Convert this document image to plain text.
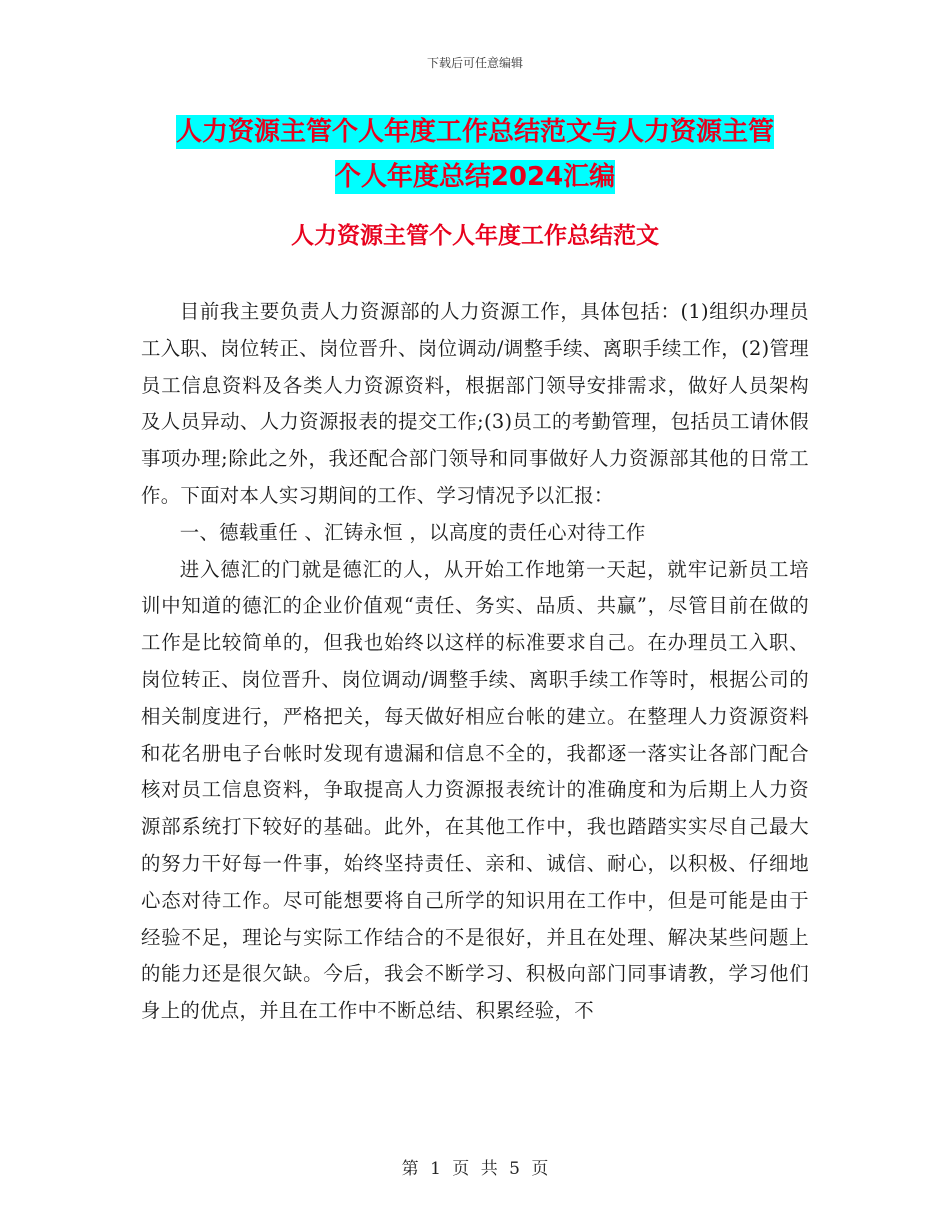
下载后可任意编辑
人力资源主管个人年度工作总结范文与人力资源主管
个人年度总结2024汇编
人力资源主管个人年度工作总结范文

目前我主要负责人力资源部的人力资源工作，具体包括：(1)组织办理员工入职、岗位转正、岗位晋升、岗位调动/调整手续、离职手续工作，(2)管理员工信息资料及各类人力资源资料，根据部门领导安排需求，做好人员架构及人员异动、人力资源报表的提交工作;(3)员工的考勤管理，包括员工请休假事项办理;除此之外，我还配合部门领导和同事做好人力资源部其他的日常工作。下面对本人实习期间的工作、学习情况予以汇报：

一、德载重任 、汇铸永恒 ，以高度的责任心对待工作

进入德汇的门就是德汇的人，从开始工作地第一天起，就牢记新员工培训中知道的德汇的企业价值观“责任、务实、品质、共赢”，尽管目前在做的工作是比较简单的，但我也始终以这样的标准要求自己。在办理员工入职、岗位转正、岗位晋升、岗位调动/调整手续、离职手续工作等时，根据公司的相关制度进行，严格把关，每天做好相应台帐的建立。在整理人力资源资料和花名册电子台帐时发现有遗漏和信息不全的，我都逐一落实让各部门配合核对员工信息资料，争取提高人力资源报表统计的准确度和为后期上人力资源部系统打下较好的基础。此外，在其他工作中，我也踏踏实实尽自己最大的努力干好每一件事，始终坚持责任、亲和、诚信、耐心，以积极、仔细地心态对待工作。尽可能想要将自己所学的知识用在工作中，但是可能是由于经验不足，理论与实际工作结合的不是很好，并且在处理、解决某些问题上的能力还是很欠缺。今后，我会不断学习、积极向部门同事请教，学习他们身上的优点，并且在工作中不断总结、积累经验，不

第 1 页 共 5 页
